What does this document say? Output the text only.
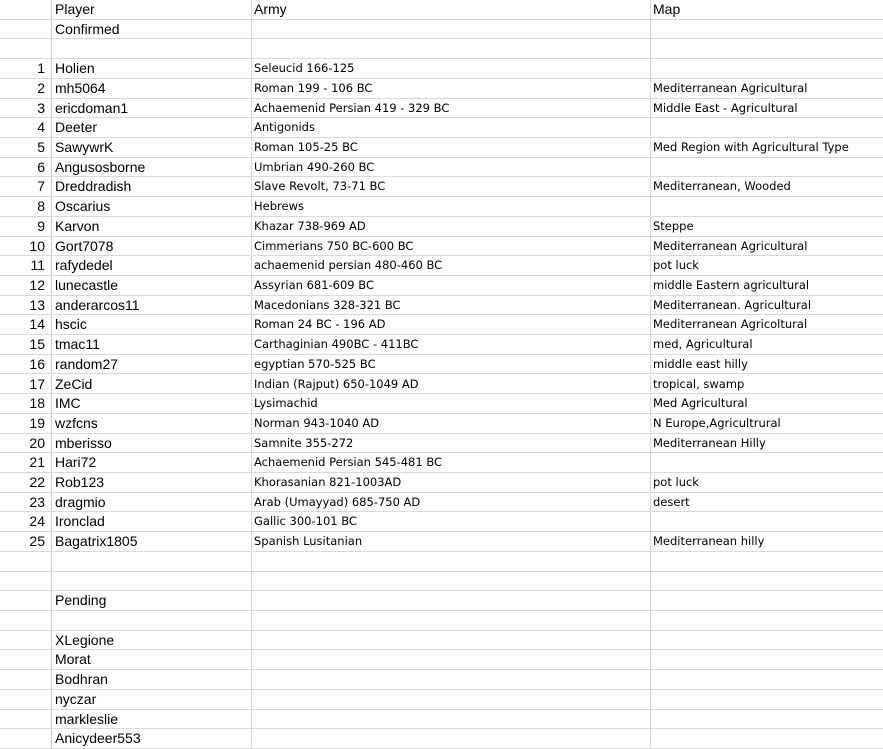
Player	Army	Map
Confirmed
1 Holien	Seleucid 166-125
2 mh5064	Roman 199 - 106 BC	Mediterranean Agricultural
3 ericdoman1	Achaemenid Persian 419 - 329 BC	Middle East - Agricultural
4 Deeter	Antigonids
5 SawywrK	Roman 105-25 BC	Med Region with Agricultural Type
6 Angusosborne	Umbrian 490-260 BC
7 Dreddradish	Slave Revolt, 73-71 BC	Mediterranean, Wooded
8 Oscarius	Hebrews
9 Karvon	Khazar 738-969 AD	Steppe
10 Gort7078	Cimmerians 750 BC-600 BC	Mediterranean Agricultural
11 rafydedel	achaemenid persian 480-460 BC	pot luck
12 lunecastle	Assyrian 681-609 BC	middle Eastern agricultural
13 anderarcos11	Macedonians 328-321 BC	Mediterranean. Agricultural
14 hscic	Roman 24 BC - 196 AD	Mediterranean Agricoltural
15 tmac11	Carthaginian 490BC - 411BC	med, Agricultural
16 random27	egyptian 570-525 BC	middle east hilly
17 ZeCid	Indian (Rajput) 650-1049 AD	tropical, swamp
18 IMC	Lysimachid	Med Agricultural
19 wzfcns	Norman 943-1040 AD	N Europe,Agricultrural
20 mberisso	Samnite 355-272	Mediterranean Hilly
21 Hari72	Achaemenid Persian 545-481 BC
22 Rob123	Khorasanian 821-1003AD	pot luck
23 dragmio	Arab (Umayyad) 685-750 AD	desert
24 Ironclad	Gallic 300-101 BC
25 Bagatrix1805	Spanish Lusitanian	Mediterranean hilly
Pending
XLegione
Morat
Bodhran
nyczar
markleslie
Anicydeer553
